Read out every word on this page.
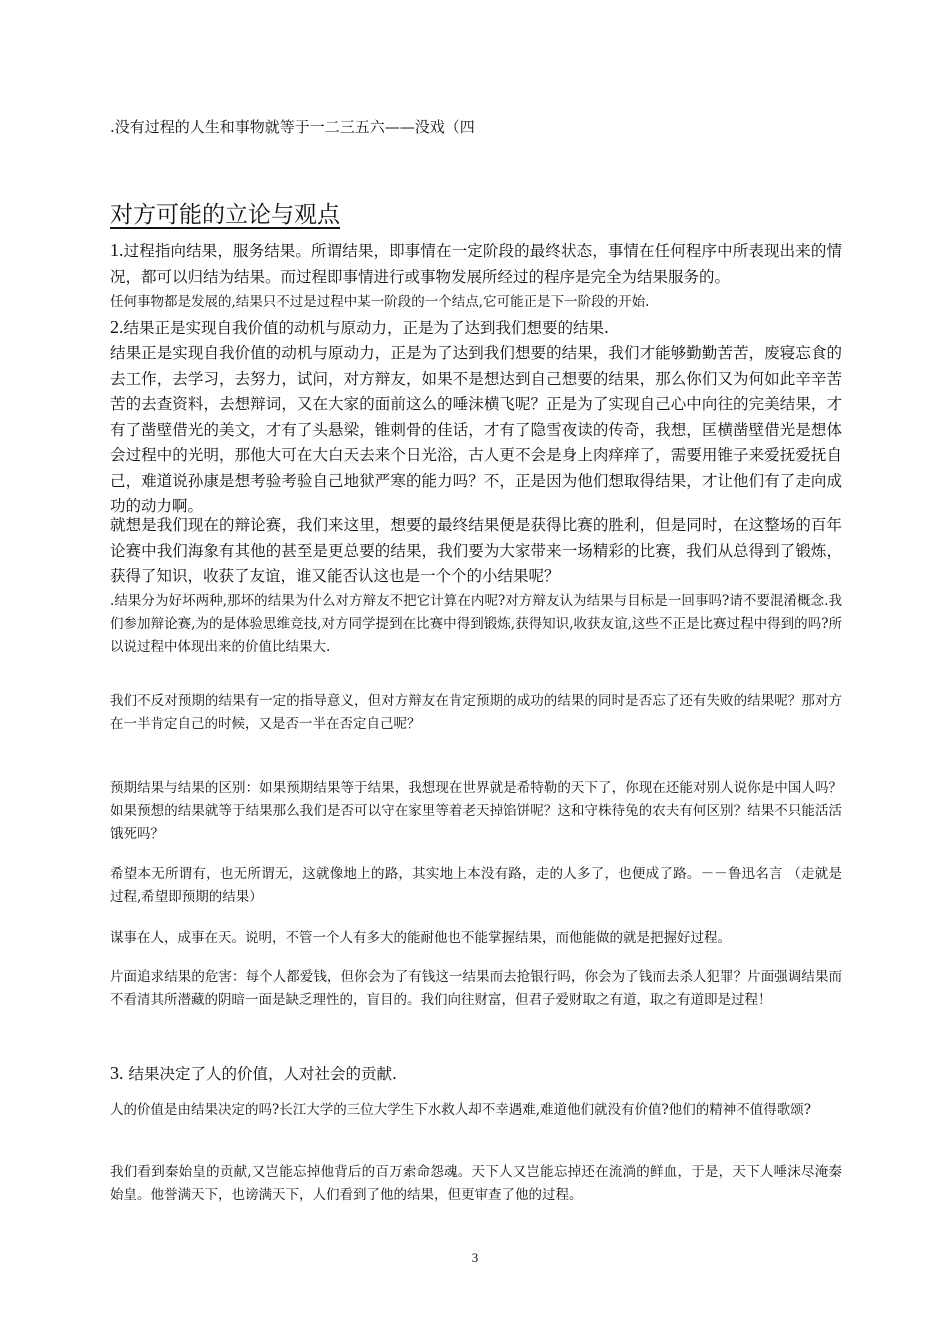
.没有过程的人生和事物就等于一二三五六——没戏（四

对方可能的立论与观点

1.过程指向结果，服务结果。所谓结果，即事情在一定阶段的最终状态，事情在任何程序中所表现出来的情况，都可以归结为结果。而过程即事情进行或事物发展所经过的程序是完全为结果服务的。

任何事物都是发展的,结果只不过是过程中某一阶段的一个结点,它可能正是下一阶段的开始.

2.结果正是实现自我价值的动机与原动力，正是为了达到我们想要的结果.

结果正是实现自我价值的动机与原动力，正是为了达到我们想要的结果，我们才能够勤勤苦苦，废寝忘食的去工作，去学习，去努力，试问，对方辩友，如果不是想达到自己想要的结果，那么你们又为何如此辛辛苦苦的去查资料，去想辩词，又在大家的面前这么的唾沫横飞呢？正是为了实现自己心中向往的完美结果，才有了凿壁借光的美文，才有了头悬梁，锥刺骨的佳话，才有了隐雪夜读的传奇，我想，匡横凿壁借光是想体会过程中的光明，那他大可在大白天去来个日光浴，古人更不会是身上肉痒痒了，需要用锥子来爱抚爱抚自己，难道说孙康是想考验考验自己地狱严寒的能力吗？不，正是因为他们想取得结果，才让他们有了走向成功的动力啊。

就想是我们现在的辩论赛，我们来这里，想要的最终结果便是获得比赛的胜利，但是同时，在这整场的百年论赛中我们海象有其他的甚至是更总要的结果，我们要为大家带来一场精彩的比赛，我们从总得到了锻炼，获得了知识，收获了友谊，谁又能否认这也是一个个的小结果呢？

.结果分为好坏两种,那坏的结果为什么对方辩友不把它计算在内呢?对方辩友认为结果与目标是一回事吗?请不要混淆概念.我们参加辩论赛,为的是体验思维竞技,对方同学提到在比赛中得到锻炼,获得知识,收获友谊,这些不正是比赛过程中得到的吗?所以说过程中体现出来的价值比结果大.

我们不反对预期的结果有一定的指导意义，但对方辩友在肯定预期的成功的结果的同时是否忘了还有失败的结果呢？那对方在一半肯定自己的时候，又是否一半在否定自己呢？

预期结果与结果的区别：如果预期结果等于结果，我想现在世界就是希特勒的天下了，你现在还能对别人说你是中国人吗？如果预想的结果就等于结果那么我们是否可以守在家里等着老天掉馅饼呢？这和守株待兔的农夫有何区别？结果不只能活活饿死吗？

希望本无所谓有，也无所谓无，这就像地上的路，其实地上本没有路，走的人多了，也便成了路。－－鲁迅名言 （走就是过程,希望即预期的结果）

谋事在人，成事在天。说明，不管一个人有多大的能耐他也不能掌握结果，而他能做的就是把握好过程。

片面追求结果的危害：每个人都爱钱，但你会为了有钱这一结果而去抢银行吗，你会为了钱而去杀人犯罪？片面强调结果而不看清其所潜藏的阴暗一面是缺乏理性的，盲目的。我们向往财富，但君子爱财取之有道，取之有道即是过程！

3. 结果决定了人的价值，人对社会的贡献.

人的价值是由结果决定的吗?长江大学的三位大学生下水救人却不幸遇难,难道他们就没有价值?他们的精神不值得歌颂?

我们看到秦始皇的贡献,又岂能忘掉他背后的百万索命怨魂。天下人又岂能忘掉还在流淌的鲜血，于是，天下人唾沫尽淹秦始皇。他誉满天下，也谤满天下，人们看到了他的结果，但更审查了他的过程。

3
